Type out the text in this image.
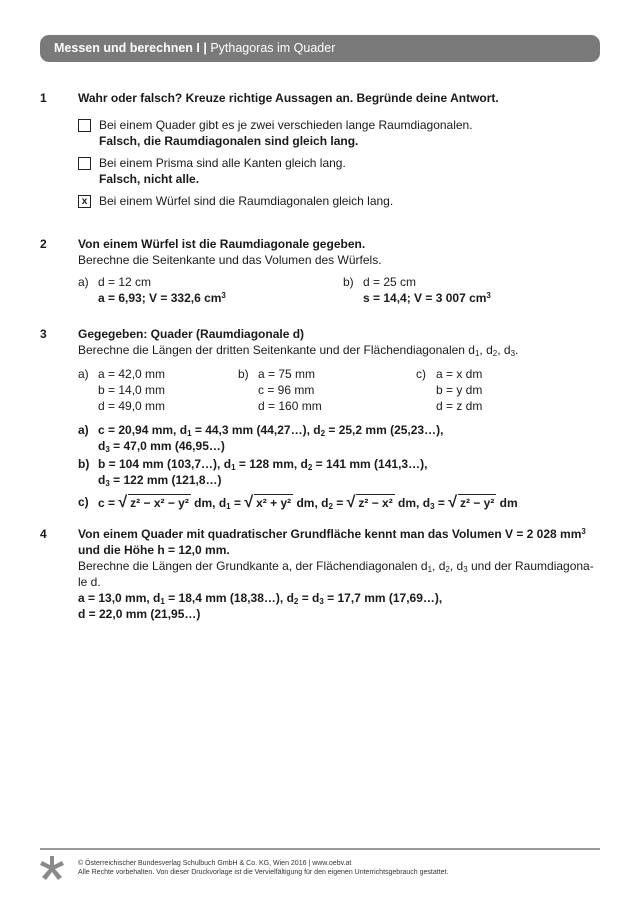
Messen und berechnen I | Pythagoras im Quader
1	Wahr oder falsch? Kreuze richtige Aussagen an. Begründe deine Antwort.
Bei einem Quader gibt es je zwei verschieden lange Raumdiagonalen.
Falsch, die Raumdiagonalen sind gleich lang.
Bei einem Prisma sind alle Kanten gleich lang.
Falsch, nicht alle.
x Bei einem Würfel sind die Raumdiagonalen gleich lang.
2	Von einem Würfel ist die Raumdiagonale gegeben.
Berechne die Seitenkante und das Volumen des Würfels.
a) d = 12 cm
a = 6,93; V = 332,6 $cm^3$
b) d = 25 cm
s = 14,4; V = 3 007 $cm^3$
3	Gegegeben: Quader (Raumdiagonale d)
Berechne die Längen der dritten Seitenkante und der Flächendiagonalen $d_1$, $d_2$, $d_3$.
a) a = 42,0 mm
b = 14,0 mm
d = 49,0 mm
b) a = 75 mm
c = 96 mm
d = 160 mm
c) a = x dm
b = y dm
d = z dm
a) c = 20,94 mm, $d_1 = 44,3$ mm (44,27…), $d_2 = 25,2$ mm (25,23…),
$d_3 = 47,0$ mm (46,95…)
b) b = 104 mm (103,7…), $d_1 = 128$ mm, $d_2 = 141$ mm (141,3…),
$d_3 = 122$ mm (121,8…)
c) c = √ z² − x² − y² dm, $d_1$ = √ x² + y² dm, $d_2$ = √ z² − x² dm, $d_3$ = √ z² − y² dm
4	Von einem Quader mit quadratischer Grundfläche kennt man das Volumen V = 2 028 $mm^3$
und die Höhe h = 12,0 mm.
Berechne die Längen der Grundkante a, der Flächendiagonalen $d_1$, $d_2$, $d_3$ und der Raumdiagona-
le d.
a = 13,0 mm, $d_1 = 18,4$ mm (18,38…), $d_2 = d_3 = 17,7$ mm (17,69…),
d = 22,0 mm (21,95…)
© Österreichischer Bundesverlag Schulbuch GmbH & Co. KG, Wien 2016 | www.oebv.at
Alle Rechte vorbehalten. Von dieser Druckvorlage ist die Vervielfältigung für den eigenen Unterrichtsgebrauch gestattet.
